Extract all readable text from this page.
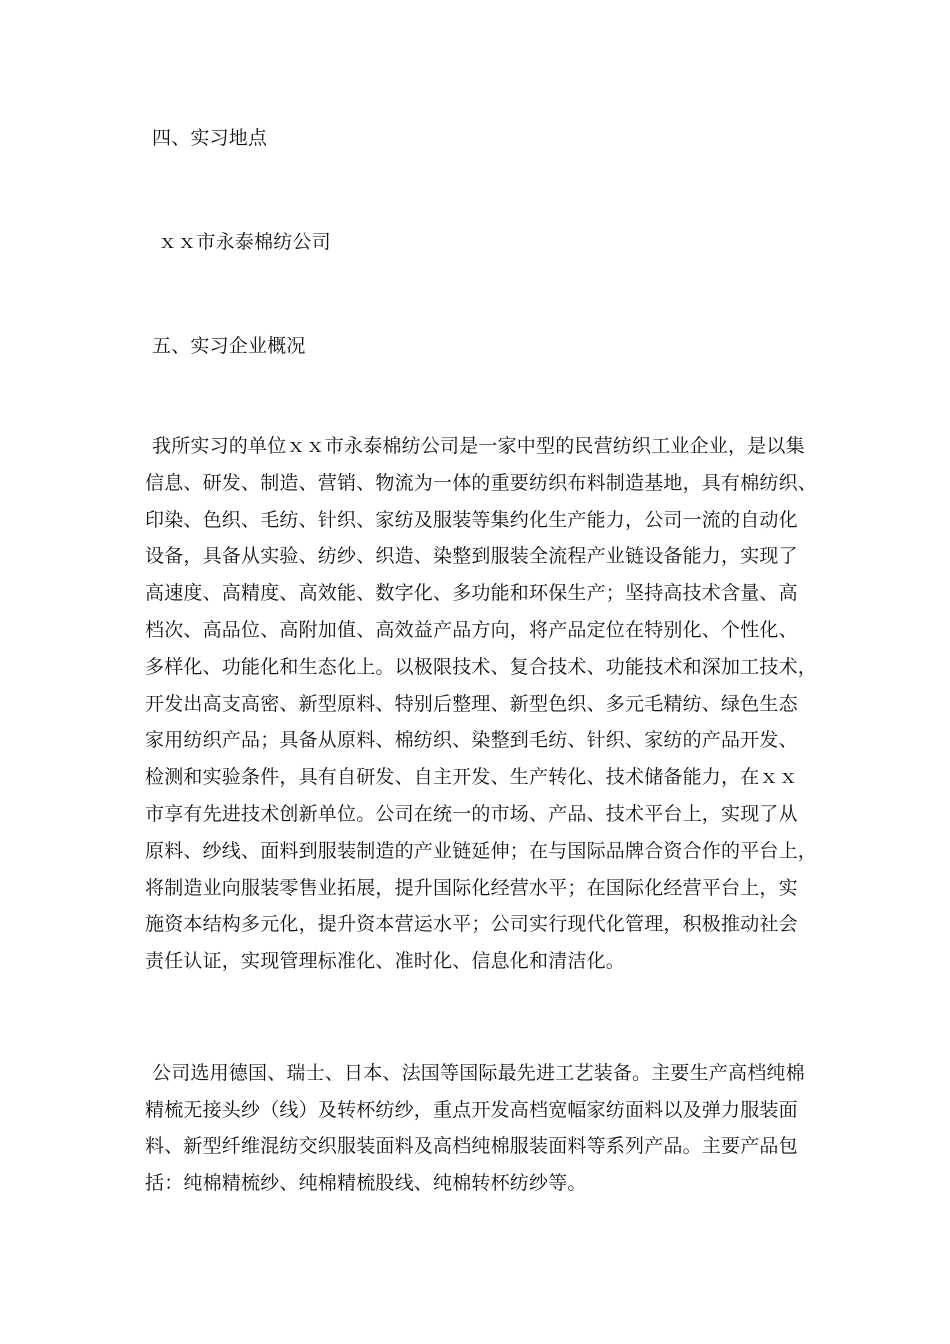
四、实习地点
ｘｘ市永泰棉纺公司
五、实习企业概况
我所实习的单位ｘｘ市永泰棉纺公司是一家中型的民营纺织工业企业，是以集
信息、研发、制造、营销、物流为一体的重要纺织布料制造基地，具有棉纺织、
印染、色织、毛纺、针织、家纺及服装等集约化生产能力，公司一流的自动化
设备，具备从实验、纺纱、织造、染整到服装全流程产业链设备能力，实现了
高速度、高精度、高效能、数字化、多功能和环保生产；坚持高技术含量、高
档次、高品位、高附加值、高效益产品方向，将产品定位在特别化、个性化、
多样化、功能化和生态化上。以极限技术、复合技术、功能技术和深加工技术，
开发出高支高密、新型原料、特别后整理、新型色织、多元毛精纺、绿色生态
家用纺织产品；具备从原料、棉纺织、染整到毛纺、针织、家纺的产品开发、
检测和实验条件，具有自研发、自主开发、生产转化、技术储备能力，在ｘｘ
市享有先进技术创新单位。公司在统一的市场、产品、技术平台上，实现了从
原料、纱线、面料到服装制造的产业链延伸；在与国际品牌合资合作的平台上，
将制造业向服装零售业拓展，提升国际化经营水平；在国际化经营平台上，实
施资本结构多元化，提升资本营运水平；公司实行现代化管理，积极推动社会
责任认证，实现管理标准化、准时化、信息化和清洁化。
公司选用德国、瑞士、日本、法国等国际最先进工艺装备。主要生产高档纯棉
精梳无接头纱（线）及转杯纺纱，重点开发高档宽幅家纺面料以及弹力服装面
料、新型纤维混纺交织服装面料及高档纯棉服装面料等系列产品。主要产品包
括：纯棉精梳纱、纯棉精梳股线、纯棉转杯纺纱等。
